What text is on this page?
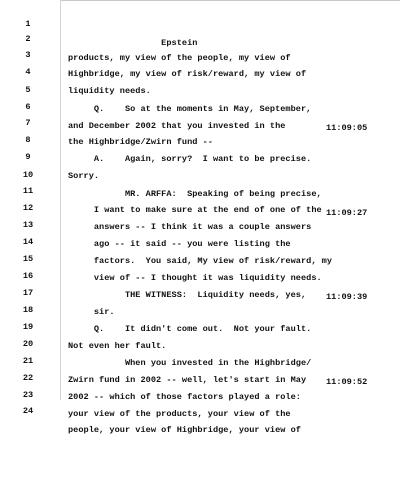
1

Epstein

2

products, my view of the people, my view of

3

Highbridge, my view of risk/reward, my view of

4

liquidity needs.

5

Q.    So at the moments in May, September,

11:09:05

6

and December 2002 that you invested in the

7

the Highbridge/Zwirn fund --

8

A.    Again, sorry?  I want to be precise.

9

Sorry.

10

MR. ARFFA:  Speaking of being precise,

11:09:27

11

I want to make sure at the end of one of the

12

answers -- I think it was a couple answers

13

ago -- it said -- you were listing the

14

factors.  You said, My view of risk/reward, my

15

view of -- I thought it was liquidity needs.

11:09:39

16

THE WITNESS:  Liquidity needs, yes,

17

sir.

18

Q.    It didn't come out.  Not your fault.

19

Not even her fault.

20

When you invested in the Highbridge/

11:09:52

21

Zwirn fund in 2002 -- well, let's start in May

22

2002 -- which of those factors played a role:

23

your view of the products, your view of the

24

people, your view of Highbridge, your view of
